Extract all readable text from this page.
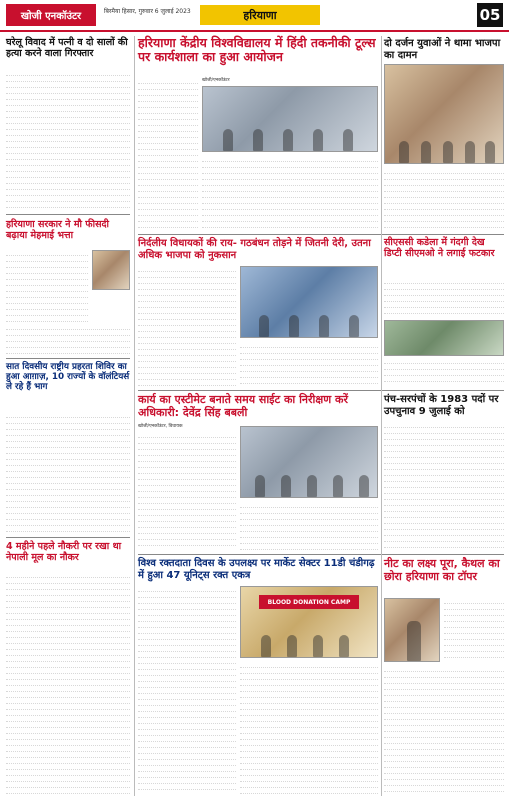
खोजी एनकॉउंटर	बिरमैया हिसार, गुरुवार 6 जुलाई 2023	हरियाणा	05
घरेलू विवाद में पत्नी व दो सालों की हत्या करने वाला गिरफ्तार
हरियाणा सरकार ने मौ फीसदी बढ़ाया मेहमाई भत्ता
सात दिवसीय राष्ट्रीय प्रहरता शिविर का हुआ आग़ाज़, 10 राज्यों के वॉलंटियर्स ले रहे हैं भाग
4 महीने पहले नौकरी पर रखा था नेपाली मूल का नौकर
हरियाणा केंद्रीय विश्वविद्यालय में हिंदी तकनीकी टूल्स पर कार्यशाला का हुआ आयोजन
खोजी/एनकॉउंटर
दो दर्जन युवाओं ने थामा भाजपा का दामन
निर्दलीय विधायकों की राय- गठबंधन तोड़ने में जितनी देरी, उतना अधिक भाजपा को नुकसान
सीएससी कडेला में गंदगी देख डिप्टी सीएमओ ने लगाई फटकार
कार्य का एस्टीमेट बनाते समय साईट का निरीक्षण करें अधिकारी: देवेंद्र सिंह बबली
खोजी/एनकॉउंटर, विधायक
पंच-सरपंचों के 1983 पदों पर उपचुनाव 9 जुलाई को
विश्व रक्तदाता दिवस के उपलक्ष्य पर मार्केट सेक्टर 11डी चंडीगढ़ में हुआ 47 यूनिट्स रक्त एकत्र
BLOOD DONATION CAMP
नीट का लक्ष्य पूरा, कैथल का छोरा हरियाणा का टॉपर
